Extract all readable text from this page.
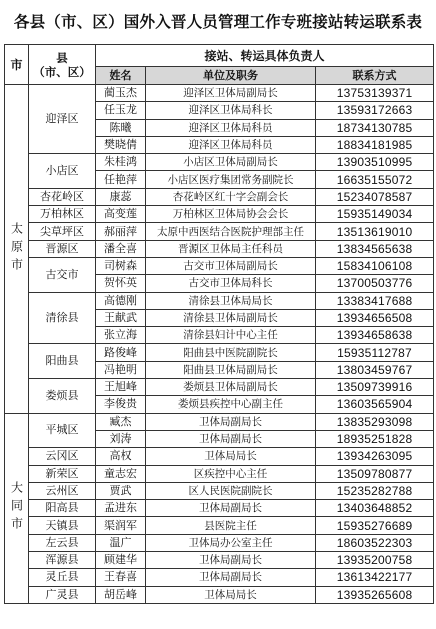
各县（市、区）国外入晋人员管理工作专班接站转运联系表
市	县
（市、区）	接站、转运具体负责人		
		姓名	单位及职务	联系方式
太原市	迎泽区	蔺玉杰	迎泽区卫体局副局长	13753139371
		任玉龙	迎泽区卫体局科长	13593172663
		陈曦	迎泽区卫体局科员	18734130785
		樊晓倩	迎泽区卫体局科员	18834181985
	小店区	朱桂鸿	小店区卫体局副局长	13903510995
		任艳萍	小店区医疗集团常务副院长	16635155072
	杏花岭区	康蕊	杏花岭区红十字会副会长	15234078587
	万柏林区	高变莲	万柏林区卫体局协会会长	15935149034
	尖草坪区	郝丽萍	太原中西医结合医院护理部主任	13513619010
	晋源区	潘全喜	晋源区卫体局主任科员	13834565638
	古交市	司树森	古交市卫体局副局长	15834106108
		贺怀英	古交市卫体局科长	13700503776
	清徐县	高德刚	清徐县卫体局局长	13383417688
		王献武	清徐县卫体局副局长	13934656508
		张立海	清徐县妇计中心主任	13934658638
	阳曲县	路俊峰	阳曲县中医院副院长	15935112787
		冯艳明	阳曲县卫体局副局长	13803459767
	娄烦县	王旭峰	娄烦县卫体局副局长	13509739916
		李俊贵	娄烦县疾控中心副主任	13603565904
大同市	平城区	臧杰	卫体局副局长	13835293098
		刘涛	卫体局副局长	18935251828
	云冈区	高权	卫体局局长	13934263095
	新荣区	童志宏	区疾控中心主任	13509780877
	云州区	贾武	区人民医院副院长	15235282788
	阳高县	孟进东	卫体局副局长	13403648852
	天镇县	渠润军	县医院主任	15935276689
	左云县	温广	卫体局办公室主任	18603522303
	浑源县	顾建华	卫体局副局长	13935200758
	灵丘县	王春喜	卫体局副局长	13613422177
	广灵县	胡岳峰	卫体局局长	13935265608
